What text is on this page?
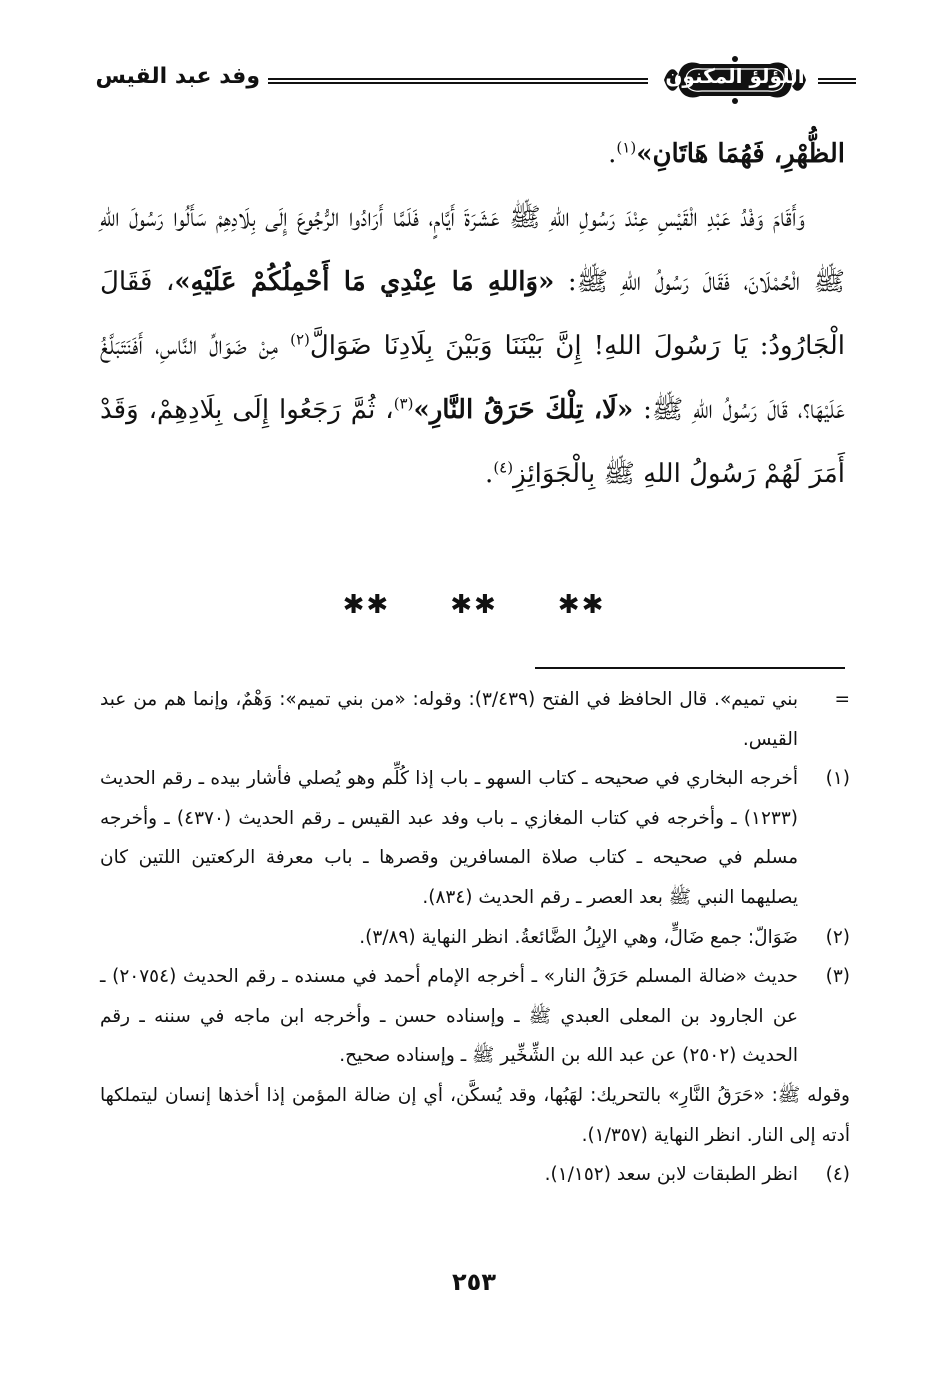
وفد عبد القيس	اللؤلؤ المكنون

الظُّهْرِ، فَهُمَا هَاتَانِ»$^{(١)}$.

وَأَقَامَ وَفْدُ عَبْدِ الْقَيْسِ عِنْدَ رَسُولِ اللهِ ﷺ عَشَرَةَ أَيَّامٍ، فَلَمَّا أَرَادُوا الرُّجُوعَ إِلَى بِلَادِهِمْ سَأَلُوا رَسُولَ اللهِ ﷺ الْحُمْلَانَ، فَقَالَ رَسُولُ اللهِ ﷺ: «وَاللهِ مَا عِنْدِي مَا أَحْمِلُكُمْ عَلَيْهِ»، فَقَالَ الْجَارُودُ: يَا رَسُولَ اللهِ! إِنَّ بَيْنَنَا وَبَيْنَ بِلَادِنَا ضَوَالَّ$^{(٢)}$ مِنْ ضَوَالِّ النَّاسِ، أَفَنَتَبَلَّغُ عَلَيْهَا؟، قَالَ رَسُولُ اللهِ ﷺ: «لَا، تِلْكَ حَرَقُ النَّارِ»$^{(٣)}$، ثُمَّ رَجَعُوا إِلَى بِلَادِهِمْ، وَقَدْ أَمَرَ لَهُمْ رَسُولُ اللهِ ﷺ بِالْجَوَائِزِ$^{(٤)}$.

✱✱✱✱✱✱
=
بني تميم». قال الحافظ في الفتح (٣/٤٣٩): وقوله: «من بني تميم»: وَهْمٌ، وإنما هم من عبد القيس.
(١)
أخرجه البخاري في صحيحه ـ كتاب السهو ـ باب إذا كُلِّم وهو يُصلي فأشار بيده ـ رقم الحديث (١٢٣٣) ـ وأخرجه في كتاب المغازي ـ باب وفد عبد القيس ـ رقم الحديث (٤٣٧٠) ـ وأخرجه مسلم في صحيحه ـ كتاب صلاة المسافرين وقصرها ـ باب معرفة الركعتين اللتين كان يصليهما النبي ﷺ بعد العصر ـ رقم الحديث (٨٣٤).
(٢)
ضَوَالّ: جمع ضَالٍّ، وهي الإبِلُ الضَّائعةُ. انظر النهاية (٣/٨٩).
(٣)
حديث «ضالة المسلم حَرَقُ النار» ـ أخرجه الإمام أحمد في مسنده ـ رقم الحديث (٢٠٧٥٤) ـ عن الجارود بن المعلى العبدي ﷺ ـ وإسناده حسن ـ وأخرجه ابن ماجه في سننه ـ رقم الحديث (٢٥٠٢) عن عبد الله بن الشِّخِّير ﷺ ـ وإسناده صحيح.
وقوله ﷺ: «حَرَقُ النَّارِ» بالتحريك: لهَبُها، وقد يُسكَّن، أي إن ضالة المؤمن إذا أخذها إنسان ليتملكها أدته إلى النار. انظر النهاية (١/٣٥٧).
(٤)
انظر الطبقات لابن سعد (١/١٥٢).
٢٥٣
